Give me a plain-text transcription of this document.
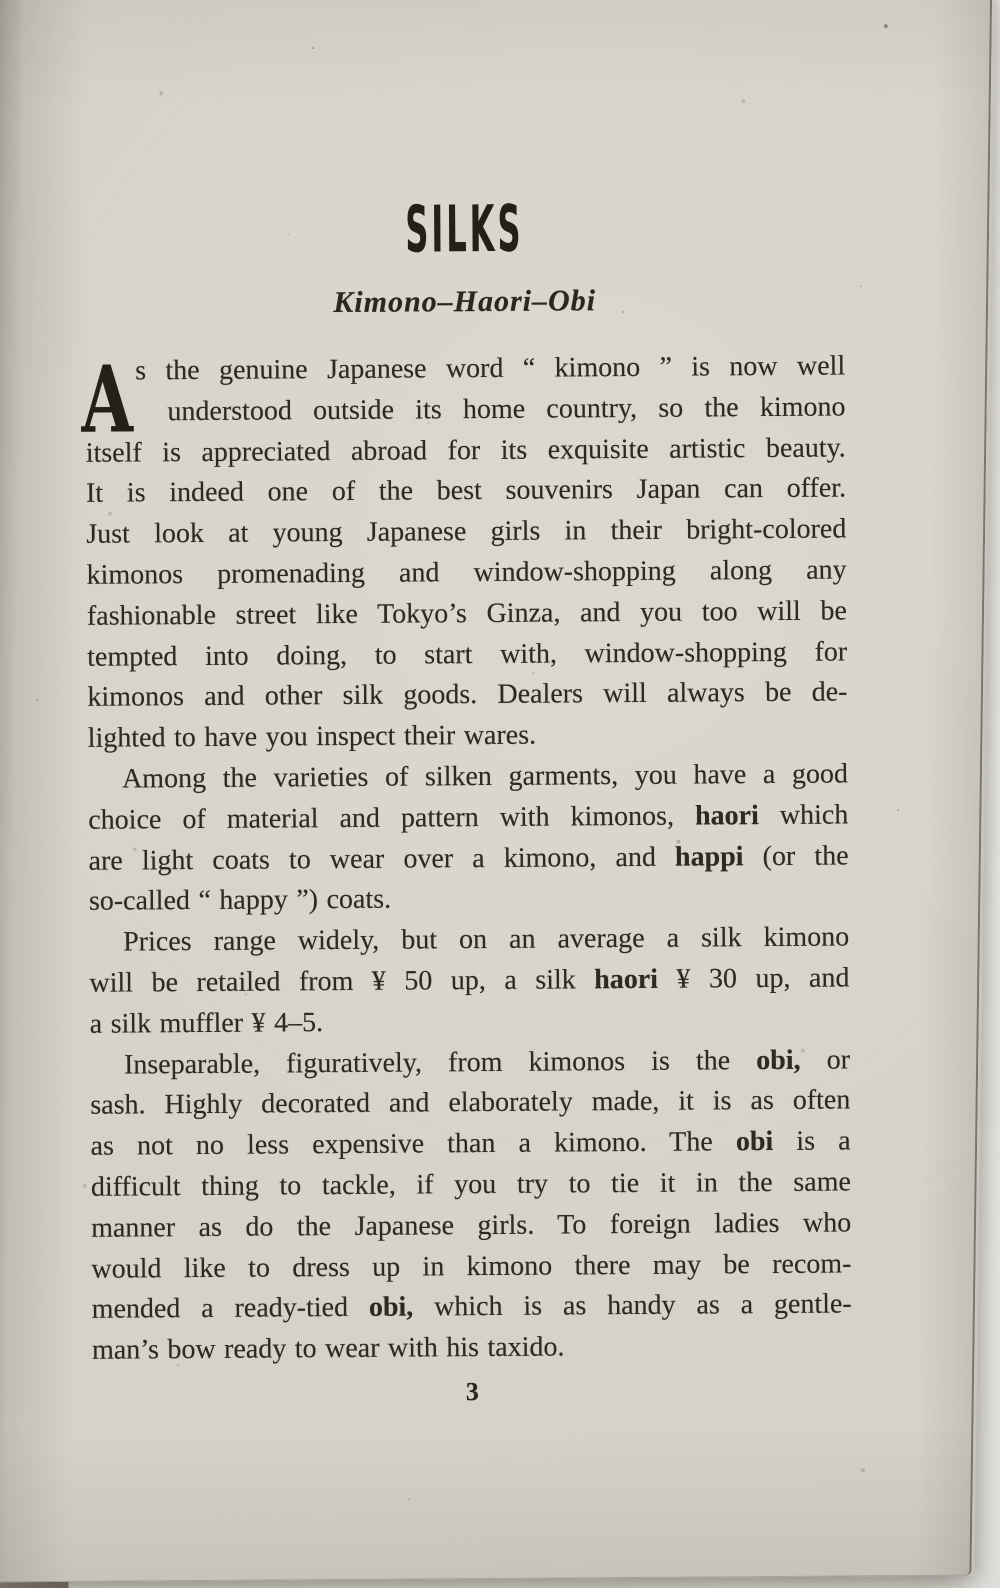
SILKS
Kimono–Haori–Obi
A s the genuine Japanese word “ kimono ” is now well
understood outside its home country, so the kimono
itself is appreciated abroad for its exquisite artistic beauty.
It is indeed one of the best souvenirs Japan can offer.
Just look at young Japanese girls in their bright-colored
kimonos promenading and window-shopping along any
fashionable street like Tokyo’s Ginza, and you too will be
tempted into doing, to start with, window-shopping for
kimonos and other silk goods. Dealers will always be de-
lighted to have you inspect their wares.
Among the varieties of silken garments, you have a good
choice of material and pattern with kimonos, haori which
are light coats to wear over a kimono, and happi (or the
so-called “ happy ”) coats.
Prices range widely, but on an average a silk kimono
will be retailed from ¥ 50 up, a silk haori ¥ 30 up, and
a silk muffler ¥ 4–5.
Inseparable, figuratively, from kimonos is the obi, or
sash. Highly decorated and elaborately made, it is as often
as not no less expensive than a kimono. The obi is a
difficult thing to tackle, if you try to tie it in the same
manner as do the Japanese girls. To foreign ladies who
would like to dress up in kimono there may be recom-
mended a ready-tied obi, which is as handy as a gentle-
man’s bow ready to wear with his taxido.
3
